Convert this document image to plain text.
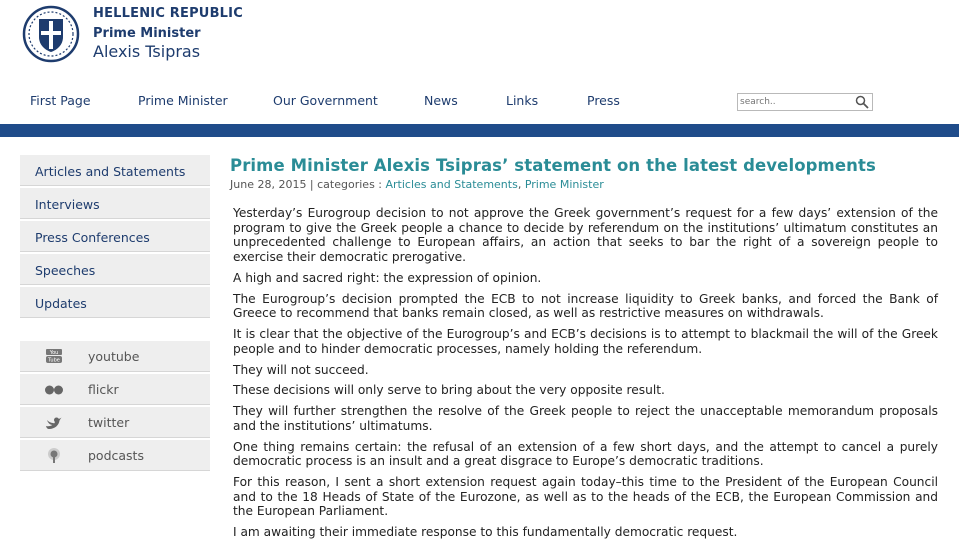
HELLENIC REPUBLIC
Prime Minister
Alexis Tsipras
First Page	Prime Minister	Our Government	News	Links	Press
search..
Articles and Statements
Interviews
Press Conferences
Speeches
Updates
You
Tube youtube
flickr
twitter
podcasts
Prime Minister Alexis Tsipras’ statement on the latest developments
June 28, 2015 | categories : Articles and Statements, Prime Minister

Yesterday’s Eurogroup decision to not approve the Greek government’s request for a few days’ extension of the program to give the Greek people a chance to decide by referendum on the institutions’ ultimatum constitutes an unprecedented challenge to European affairs, an action that seeks to bar the right of a sovereign people to exercise their democratic prerogative.

A high and sacred right: the expression of opinion.

The Eurogroup’s decision prompted the ECB to not increase liquidity to Greek banks, and forced the Bank of Greece to recommend that banks remain closed, as well as restrictive measures on withdrawals.

It is clear that the objective of the Eurogroup’s and ECB’s decisions is to attempt to blackmail the will of the Greek people and to hinder democratic processes, namely holding the referendum.

They will not succeed.

These decisions will only serve to bring about the very opposite result.

They will further strengthen the resolve of the Greek people to reject the unacceptable memorandum proposals and the institutions’ ultimatums.

One thing remains certain: the refusal of an extension of a few short days, and the attempt to cancel a purely democratic process is an insult and a great disgrace to Europe’s democratic traditions.

For this reason, I sent a short extension request again today–this time to the President of the European Council and to the 18 Heads of State of the Eurozone, as well as to the heads of the ECB, the European Commission and the European Parliament.

I am awaiting their immediate response to this fundamentally democratic request.
